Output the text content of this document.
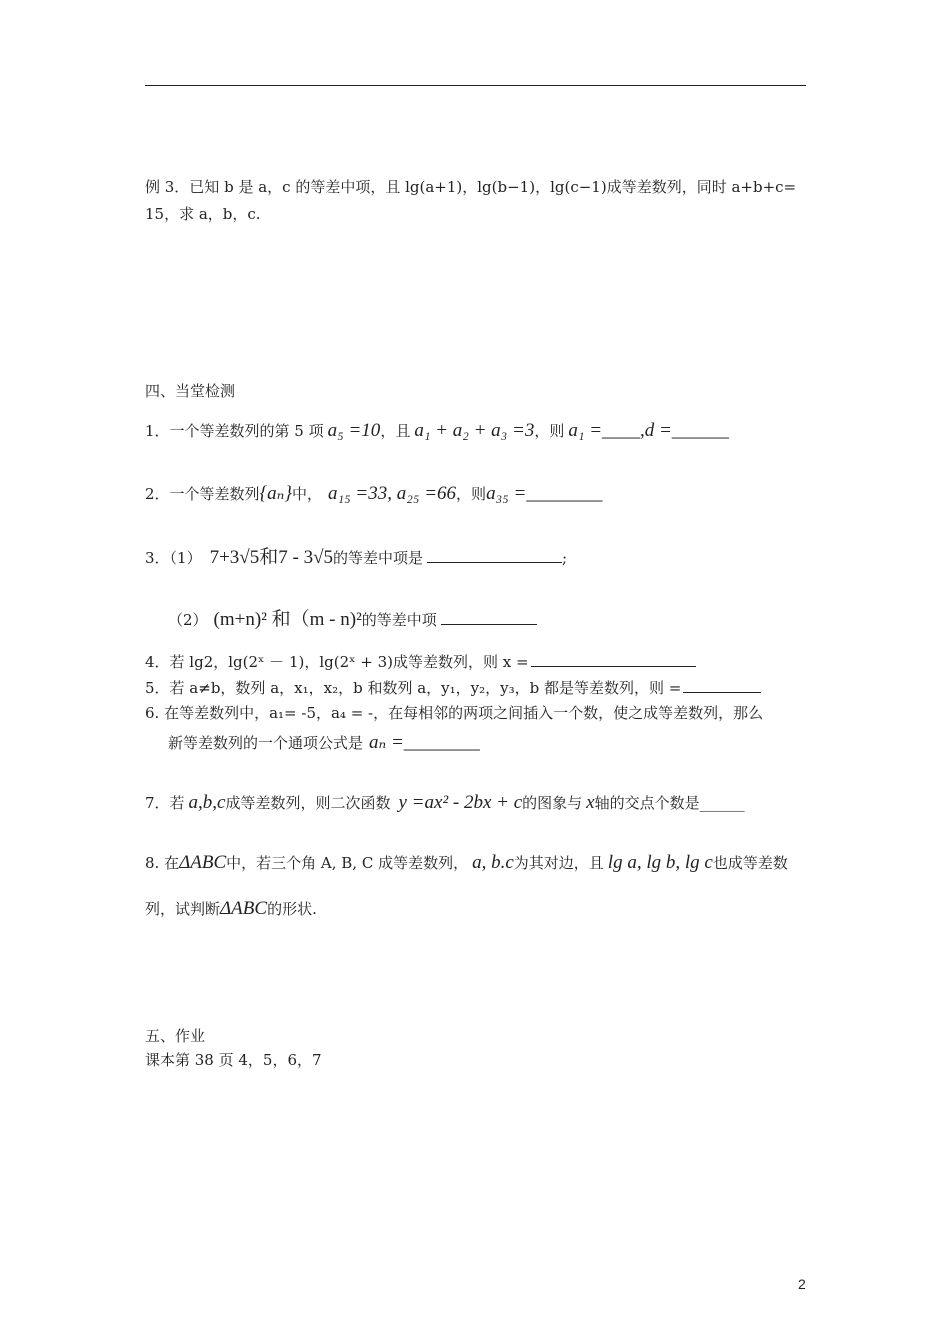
例 3．已知 b 是 a，c 的等差中项，且 lg(a+1)，lg(b−1)，lg(c−1)成等差数列，同时 a+b+c=
15，求 a，b，c.
四、当堂检测
1．一个等差数列的第 5 项 a₅ =10，且 a₁ + a₂ + a₃ =3，则 a₁ =____,d =______
2．一个等差数列{aₙ}中， a₁₅ =33, a₂₅ =66，则a₃₅ =________
3．（1） 7+3√5和7 - 3√5的等差中项是	;
（2） (m+n)² 和（m - n)²的等差中项
4．若 lg2，lg(2ˣ － 1)，lg(2ˣ + 3)成等差数列，则 x =
5．若 a≠b，数列 a，x₁，x₂，b 和数列 a，y₁，y₂，y₃，b 都是等差数列，则 =
6. 在等差数列中，a₁= -5，a₄ = -，在每相邻的两项之间插入一个数，使之成等差数列，那么
新等差数列的一个通项公式是 aₙ =________
7．若 a,b,c成等差数列，则二次函数 y =ax² - 2bx + c的图象与 x轴的交点个数是______
8. 在ΔABC中，若三个角 A, B, C 成等差数列， a, b.c为其对边，且 lg a, lg b, lg c也成等差数
列，试判断ΔABC的形状.
五、作业
课本第 38 页 4，5，6，7
2
